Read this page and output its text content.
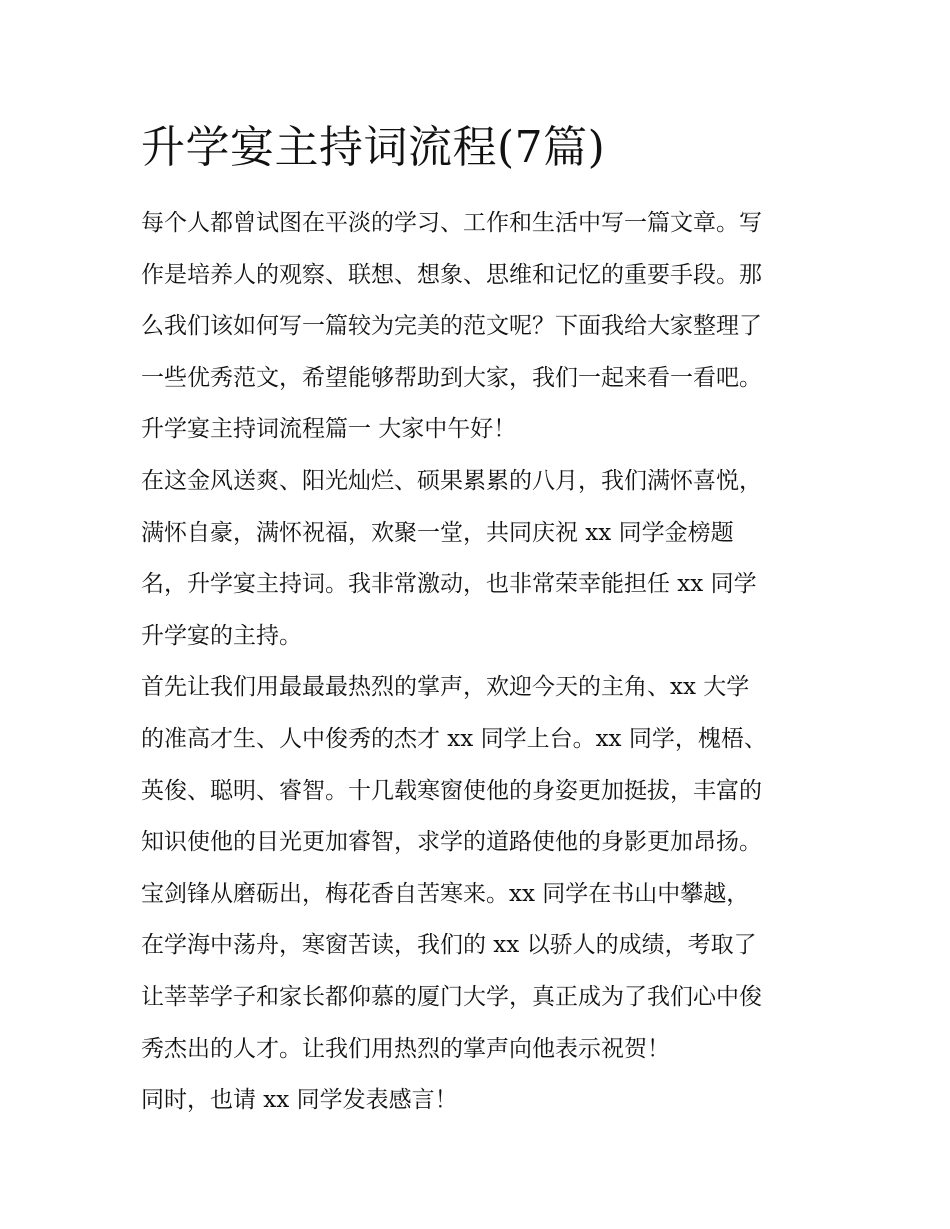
升学宴主持词流程(7篇)

每个人都曾试图在平淡的学习、工作和生活中写一篇文章。写
作是培养人的观察、联想、想象、思维和记忆的重要手段。那
么我们该如何写一篇较为完美的范文呢？下面我给大家整理了
一些优秀范文，希望能够帮助到大家，我们一起来看一看吧。

升学宴主持词流程篇一 大家中午好！

在这金风送爽、阳光灿烂、硕果累累的八月，我们满怀喜悦，
满怀自豪，满怀祝福，欢聚一堂，共同庆祝 xx 同学金榜题
名，升学宴主持词。我非常激动，也非常荣幸能担任 xx 同学
升学宴的主持。

首先让我们用最最最热烈的掌声，欢迎今天的主角、xx 大学
的准高才生、人中俊秀的杰才 xx 同学上台。xx 同学，槐梧、
英俊、聪明、睿智。十几载寒窗使他的身姿更加挺拔，丰富的
知识使他的目光更加睿智，求学的道路使他的身影更加昂扬。
宝剑锋从磨砺出，梅花香自苦寒来。xx 同学在书山中攀越，
在学海中荡舟，寒窗苦读，我们的 xx 以骄人的成绩，考取了
让莘莘学子和家长都仰慕的厦门大学，真正成为了我们心中俊
秀杰出的人才。让我们用热烈的掌声向他表示祝贺！

同时，也请 xx 同学发表感言！
